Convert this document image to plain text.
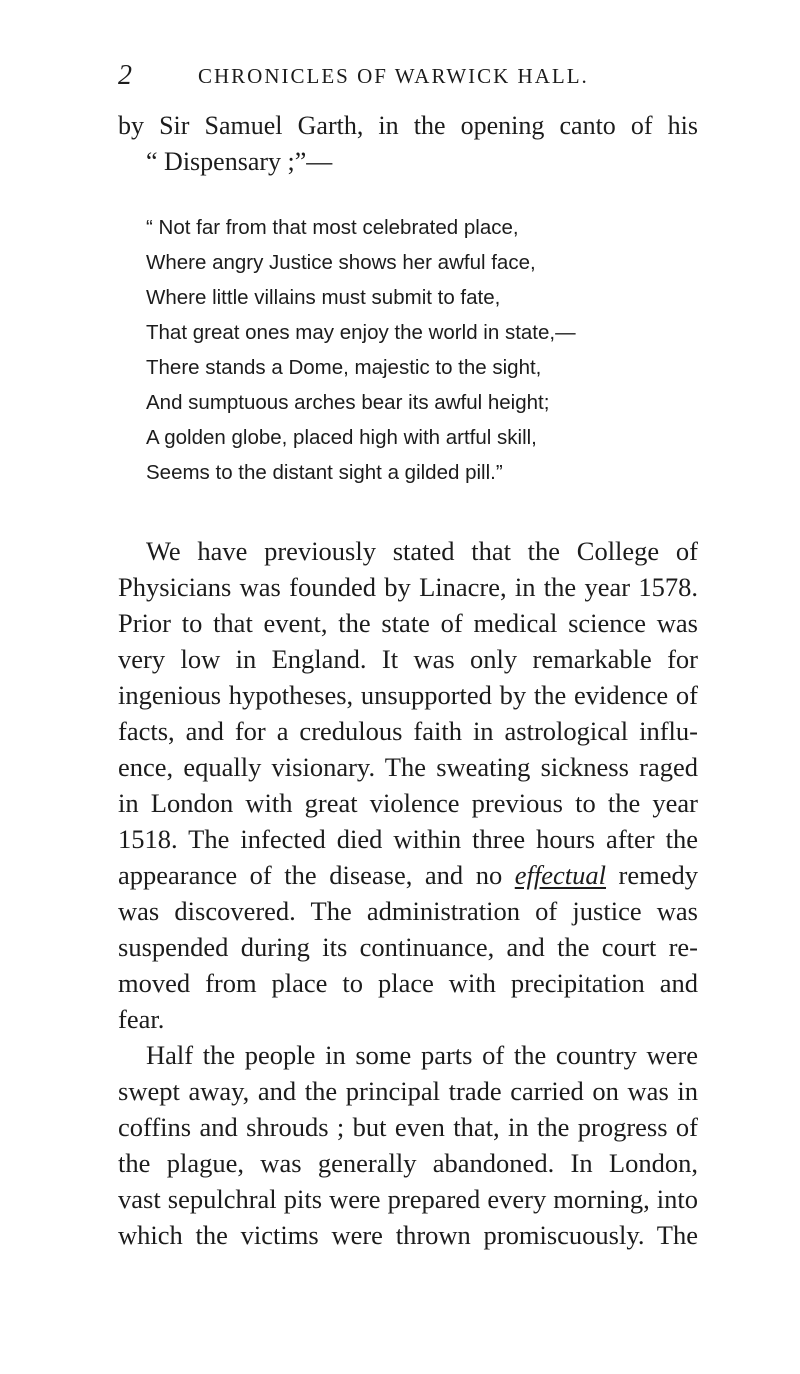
2	CHRONICLES OF WARWICK HALL.
by Sir Samuel Garth, in the opening canto of his
“ Dispensary ;”—
“ Not far from that most celebrated place,
Where angry Justice shows her awful face,
Where little villains must submit to fate,
That great ones may enjoy the world in state,—
There stands a Dome, majestic to the sight,
And sumptuous arches bear its awful height;
A golden globe, placed high with artful skill,
Seems to the distant sight a gilded pill.”
We have previously stated that the College of
Physicians was founded by Linacre, in the year 1578.
Prior to that event, the state of medical science was
very low in England. It was only remarkable for
ingenious hypotheses, unsupported by the evidence of
facts, and for a credulous faith in astrological influ-
ence, equally visionary. The sweating sickness raged
in London with great violence previous to the year
1518. The infected died within three hours after the
appearance of the disease, and no effectual remedy
was discovered. The administration of justice was
suspended during its continuance, and the court re-
moved from place to place with precipitation and
fear.
Half the people in some parts of the country were
swept away, and the principal trade carried on was in
coffins and shrouds ; but even that, in the progress of
the plague, was generally abandoned. In London,
vast sepulchral pits were prepared every morning, into
which the victims were thrown promiscuously. The
